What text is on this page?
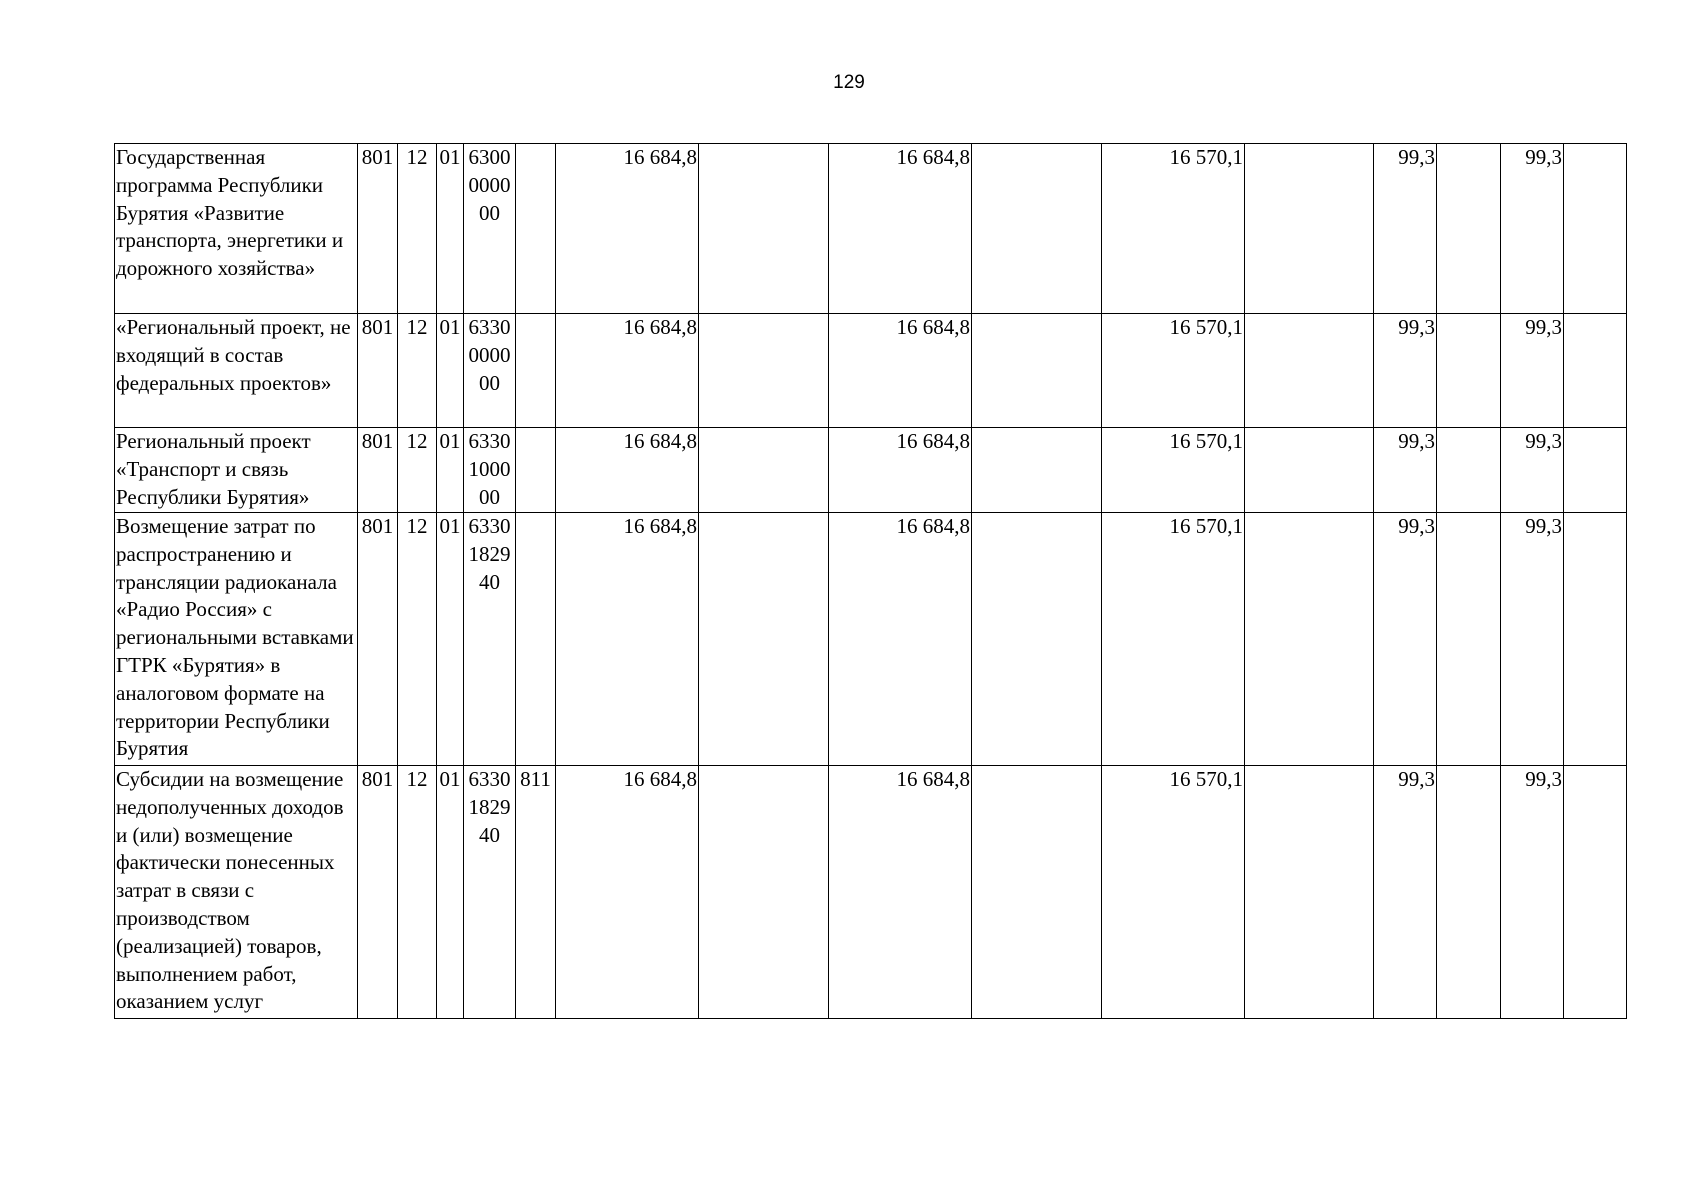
129
Государственная программа Республики Бурятия «Развитие транспорта, энергетики и дорожного хозяйства»	801	12	01	6300000000		16 684,8		16 684,8		16 570,1		99,3		99,3	
«Региональный проект, не входящий в состав федеральных проектов»	801	12	01	6330000000		16 684,8		16 684,8		16 570,1		99,3		99,3	
Региональный проект «Транспорт и связь Республики Бурятия»	801	12	01	6330100000		16 684,8		16 684,8		16 570,1		99,3		99,3	
Возмещение затрат по распространению и трансляции радиоканала «Радио Россия» с региональными вставками ГТРК «Бурятия» в аналоговом формате на территории Республики Бурятия	801	12	01	6330182940		16 684,8		16 684,8		16 570,1		99,3		99,3	
Субсидии на возмещение недополученных доходов и (или) возмещение фактически понесенных затрат в связи с производством (реализацией) товаров, выполнением работ, оказанием услуг	801	12	01	6330182940	811	16 684,8		16 684,8		16 570,1		99,3		99,3	
